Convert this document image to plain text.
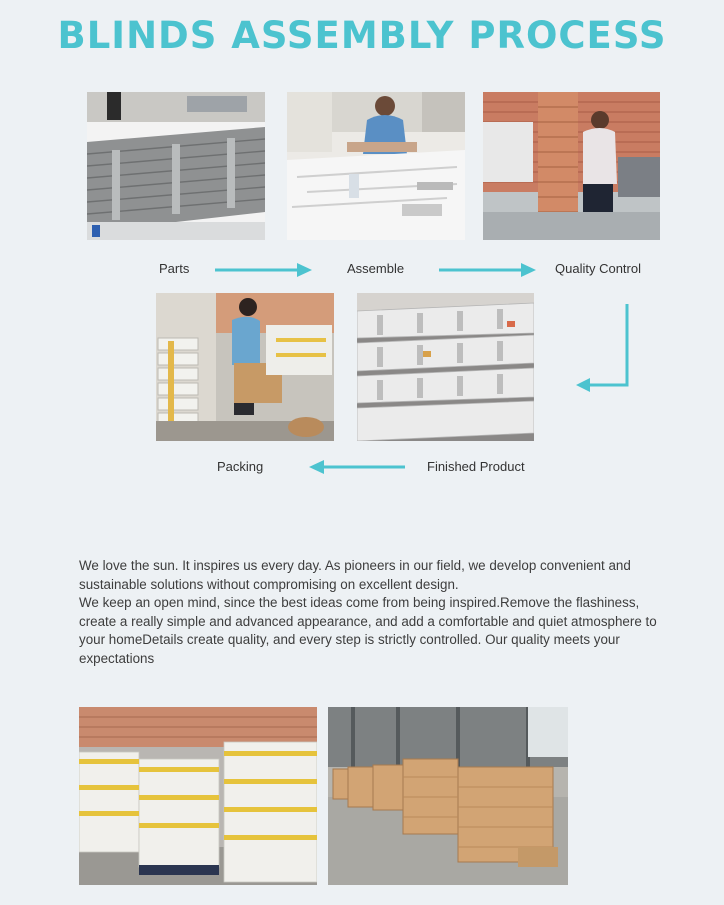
BLINDS ASSEMBLY PROCESS
Parts	Assemble	Quality Control
Finished Product
Packing

We love the sun. It inspires us every day. As pioneers in our field, we develop convenient and sustainable solutions without compromising on excellent design.

We keep an open mind, since the best ideas come from being inspired.Remove the flashiness, create a really simple and advanced appearance, and add a comfortable and quiet atmosphere to your homeDetails create quality, and every step is strictly controlled. Our quality meets your expectations
